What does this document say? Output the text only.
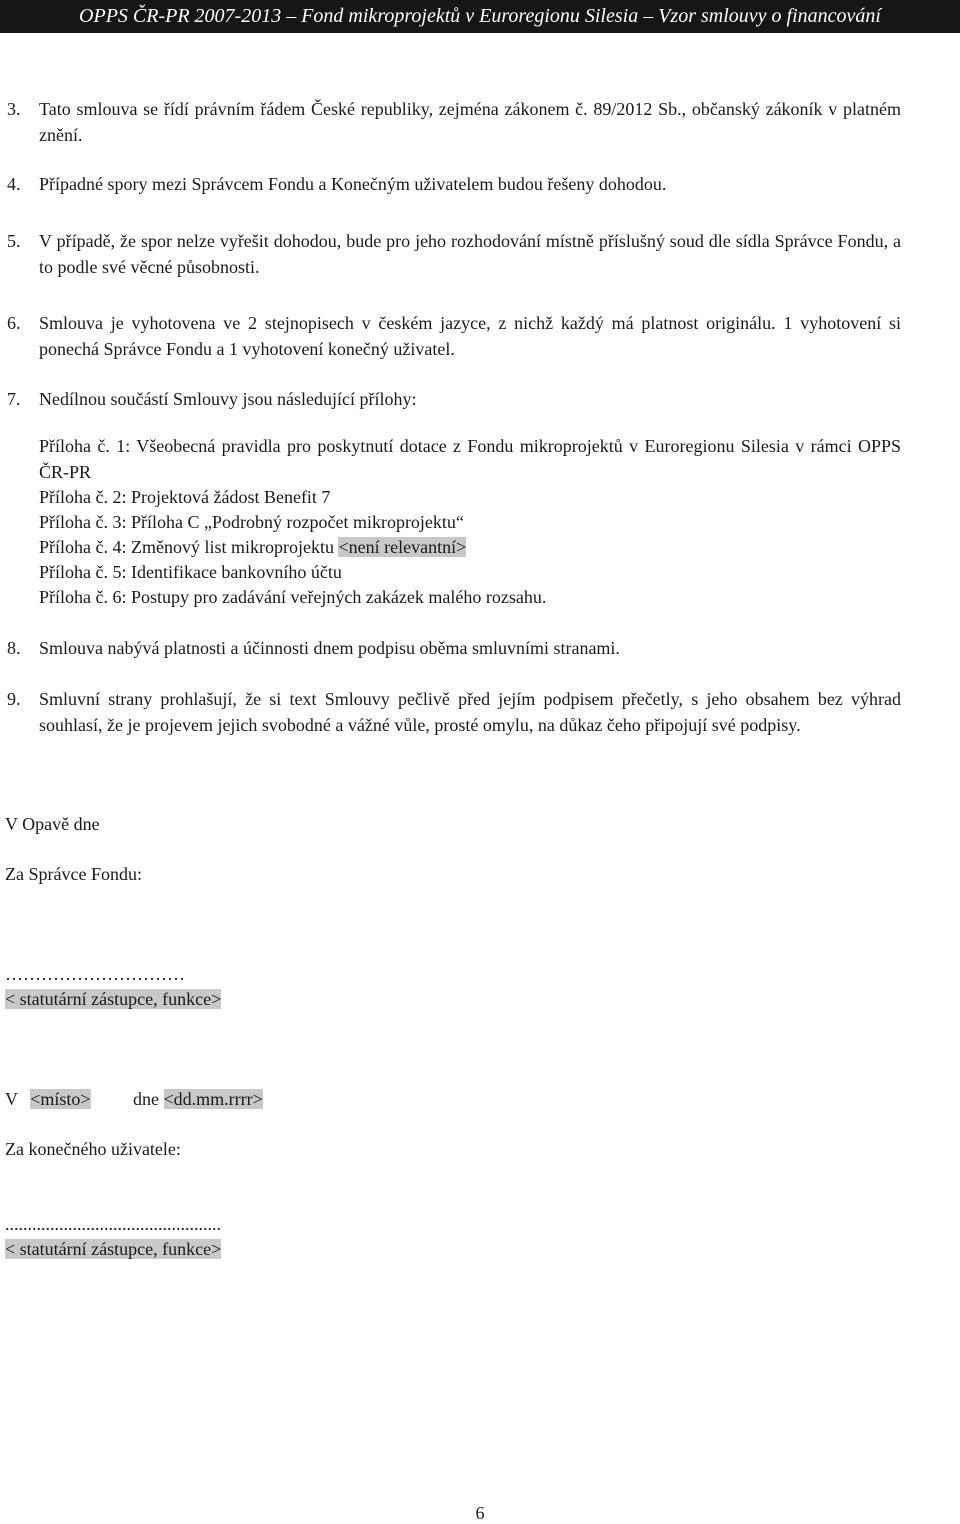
OPPS ČR-PR 2007-2013 – Fond mikroprojektů v Euroregionu Silesia – Vzor smlouvy o financování
3. Tato smlouva se řídí právním řádem České republiky, zejména zákonem č. 89/2012 Sb., občanský zákoník v platném znění.
4. Případné spory mezi Správcem Fondu a Konečným uživatelem budou řešeny dohodou.
5. V případě, že spor nelze vyřešit dohodou, bude pro jeho rozhodování místně příslušný soud dle sídla Správce Fondu, a to podle své věcné působnosti.
6. Smlouva je vyhotovena ve 2 stejnopisech v českém jazyce, z nichž každý má platnost originálu. 1 vyhotovení si ponechá Správce Fondu a 1 vyhotovení konečný uživatel.
7. Nedílnou součástí Smlouvy jsou následující přílohy:
Příloha č. 1: Všeobecná pravidla pro poskytnutí dotace z Fondu mikroprojektů v Euroregionu Silesia v rámci OPPS ČR-PR
Příloha č. 2: Projektová žádost Benefit 7
Příloha č. 3: Příloha C „Podrobný rozpočet mikroprojektu“
Příloha č. 4: Změnový list mikroprojektu <není relevantní>
Příloha č. 5: Identifikace bankovního účtu
Příloha č. 6: Postupy pro zadávání veřejných zakázek malého rozsahu.
8. Smlouva nabývá platnosti a účinnosti dnem podpisu oběma smluvními stranami.
9. Smluvní strany prohlašují, že si text Smlouvy pečlivě před jejím podpisem přečetly, s jeho obsahem bez výhrad souhlasí, že je projevem jejich svobodné a vážné vůle, prosté omylu, na důkaz čeho připojují své podpisy.
V Opavě dne
Za Správce Fondu:
…………………………
< statutární zástupce, funkce>
V <místo> dne <dd.mm.rrrr>
Za konečného uživatele:
................................................
< statutární zástupce, funkce>
6
